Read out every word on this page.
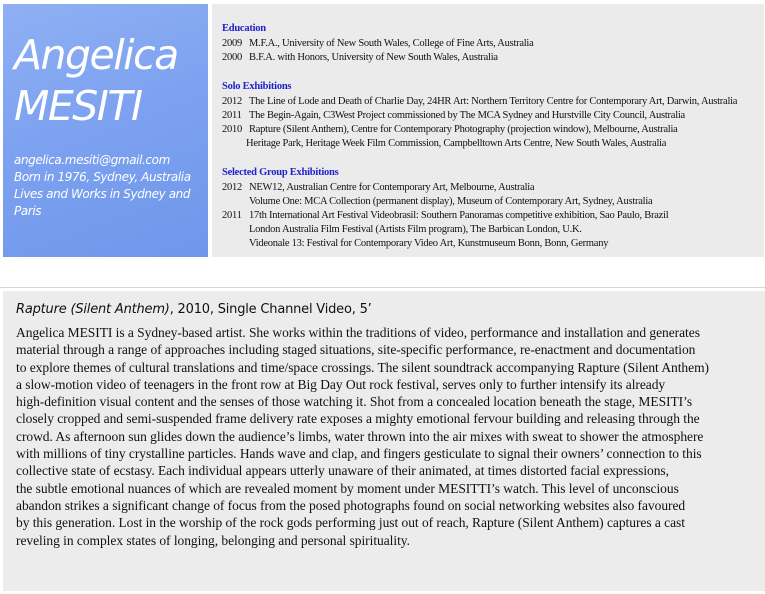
Angelica
MESITI
angelica.mesiti@gmail.com
Born in 1976, Sydney, Australia
Lives and Works in Sydney and Paris
Education
2009 M.F.A., University of New South Wales, College of Fine Arts, Australia
2000 B.F.A. with Honors, University of New South Wales, Australia
Solo Exhibitions
2012 The Line of Lode and Death of Charlie Day, 24HR Art: Northern Territory Centre for Contemporary Art, Darwin, Australia
2011 The Begin-Again, C3West Project commissioned by The MCA Sydney and Hurstville City Council, Australia
2010 Rapture (Silent Anthem), Centre for Contemporary Photography (projection window), Melbourne, Australia
Heritage Park, Heritage Week Film Commission, Campbelltown Arts Centre, New South Wales, Australia
Selected Group Exhibitions
2012 NEW12, Australian Centre for Contemporary Art, Melbourne, Australia
Volume One: MCA Collection (permanent display), Museum of Contemporary Art, Sydney, Australia
2011 17th International Art Festival Videobrasil: Southern Panoramas competitive exhibition, Sao Paulo, Brazil
London Australia Film Festival (Artists Film program), The Barbican London, U.K.
Videonale 13: Festival for Contemporary Video Art, Kunstmuseum Bonn, Bonn, Germany
Rapture (Silent Anthem), 2010, Single Channel Video, 5’
Angelica MESITI is a Sydney-based artist. She works within the traditions of video, performance and installation and generates
material through a range of approaches including staged situations, site-specific performance, re-enactment and documentation
to explore themes of cultural translations and time/space crossings. The silent soundtrack accompanying Rapture (Silent Anthem)
a slow-motion video of teenagers in the front row at Big Day Out rock festival, serves only to further intensify its already
high-definition visual content and the senses of those watching it. Shot from a concealed location beneath the stage, MESITI’s
closely cropped and semi-suspended frame delivery rate exposes a mighty emotional fervour building and releasing through the
crowd. As afternoon sun glides down the audience’s limbs, water thrown into the air mixes with sweat to shower the atmosphere
with millions of tiny crystalline particles. Hands wave and clap, and fingers gesticulate to signal their owners’ connection to this
collective state of ecstasy. Each individual appears utterly unaware of their animated, at times distorted facial expressions,
the subtle emotional nuances of which are revealed moment by moment under MESITTI’s watch. This level of unconscious
abandon strikes a significant change of focus from the posed photographs found on social networking websites also favoured
by this generation. Lost in the worship of the rock gods performing just out of reach, Rapture (Silent Anthem) captures a cast
reveling in complex states of longing, belonging and personal spirituality.
